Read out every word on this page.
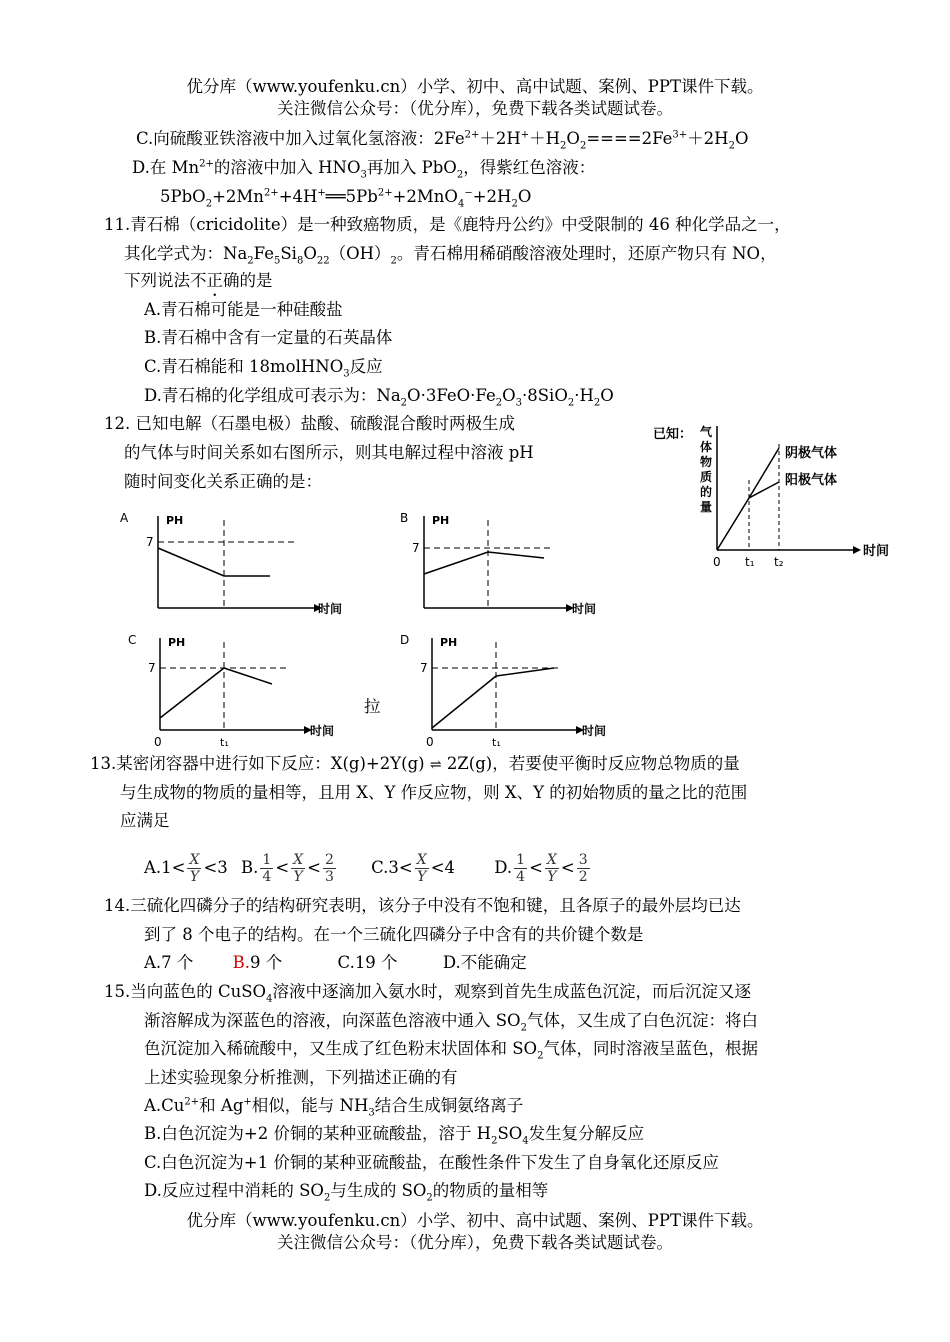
优分库（www.youfenku.cn）小学、初中、高中试题、案例、PPT课件下载。
关注微信公众号：（优分库），免费下载各类试题试卷。
C.向硫酸亚铁溶液中加入过氧化氢溶液：$2Fe^{2+}+2H^++H_2O_2====2Fe^{3+}+2H_2O$
D.在 $Mn^{2+}$的溶液中加入 $HNO_3$再加入 PbO$_2$，得紫红色溶液：
$5PbO_2+2Mn^{2+}+4H^+══5Pb^{2+}+2MnO_4^-+2H_2O$
11.青石棉（cricidolite）是一种致癌物质，是《鹿特丹公约》中受限制的 46 种化学品之一，
其化学式为：$Na_2Fe_5Si_8O_{22}(OH)_2$。青石棉用稀硝酸溶液处理时，还原产物只有 NO，
下列说法不正确的是
A.青石棉可能是一种硅酸盐
B.青石棉中含有一定量的石英晶体
C.青石棉能和 18molHNO$_3$反应
D.青石棉的化学组成可表示为：$Na_2O\cdot 3FeO\cdot Fe_2O_3\cdot 8SiO_2\cdot H_2O$
12. 已知电解（石墨电极）盐酸、硫酸混合酸时两极生成
的气体与时间关系如右图所示，则其电解过程中溶液 pH
随时间变化关系正确的是：
已知： 气
体
物
质
的
量
时间
0 t₁ t₂
阴极气体
阳极气体
A	PH
时间
7
B PH
时间
7
C	PH
时间
7
0	t₁
D	PH
时间
7
0	t₁
拉
13.某密闭容器中进行如下反应：X(g)+2Y(g) ⇌ 2Z(g)，若要使平衡时反应物总物质的量
与生成物的物质的量相等，且用 X、Y 作反应物，则 X、Y 的初始物质的量之比的范围
应满足
$A.1< \frac{X}{Y} <3$ B. $\frac{1}{4} < \frac{X}{Y} < \frac{2}{3} C.3< \frac{X}{Y} <4$ D. $\frac{1}{4} < \frac{X}{Y} < \frac{3}{2}$
14.三硫化四磷分子的结构研究表明，该分子中没有不饱和键，且各原子的最外层均已达
到了 8 个电子的结构。在一个三硫化四磷分子中含有的共价键个数是
A.7 个 B.9 个	C.19 个	D.不能确定
15.当向蓝色的 CuSO$_4$溶液中逐滴加入氨水时，观察到首先生成蓝色沉淀，而后沉淀又逐
渐溶解成为深蓝色的溶液，向深蓝色溶液中通入 $SO_2$气体，又生成了白色沉淀：将白
色沉淀加入稀硫酸中，又生成了红色粉末状固体和 $SO_2$气体，同时溶液呈蓝色，根据
上述实验现象分析推测，下列描述正确的有
$A.Cu^{2+}$和 Ag+相似，能与 $NH_3$结合生成铜氨络离子
B.白色沉淀为+2 价铜的某种亚硫酸盐，溶于 $H_2SO_4$发生复分解反应
C.白色沉淀为+1 价铜的某种亚硫酸盐，在酸性条件下发生了自身氧化还原反应
D.反应过程中消耗的 $SO_2$与生成的 $SO_2$的物质的量相等
优分库（www.youfenku.cn）小学、初中、高中试题、案例、PPT课件下载。
关注微信公众号：（优分库），免费下载各类试题试卷。
